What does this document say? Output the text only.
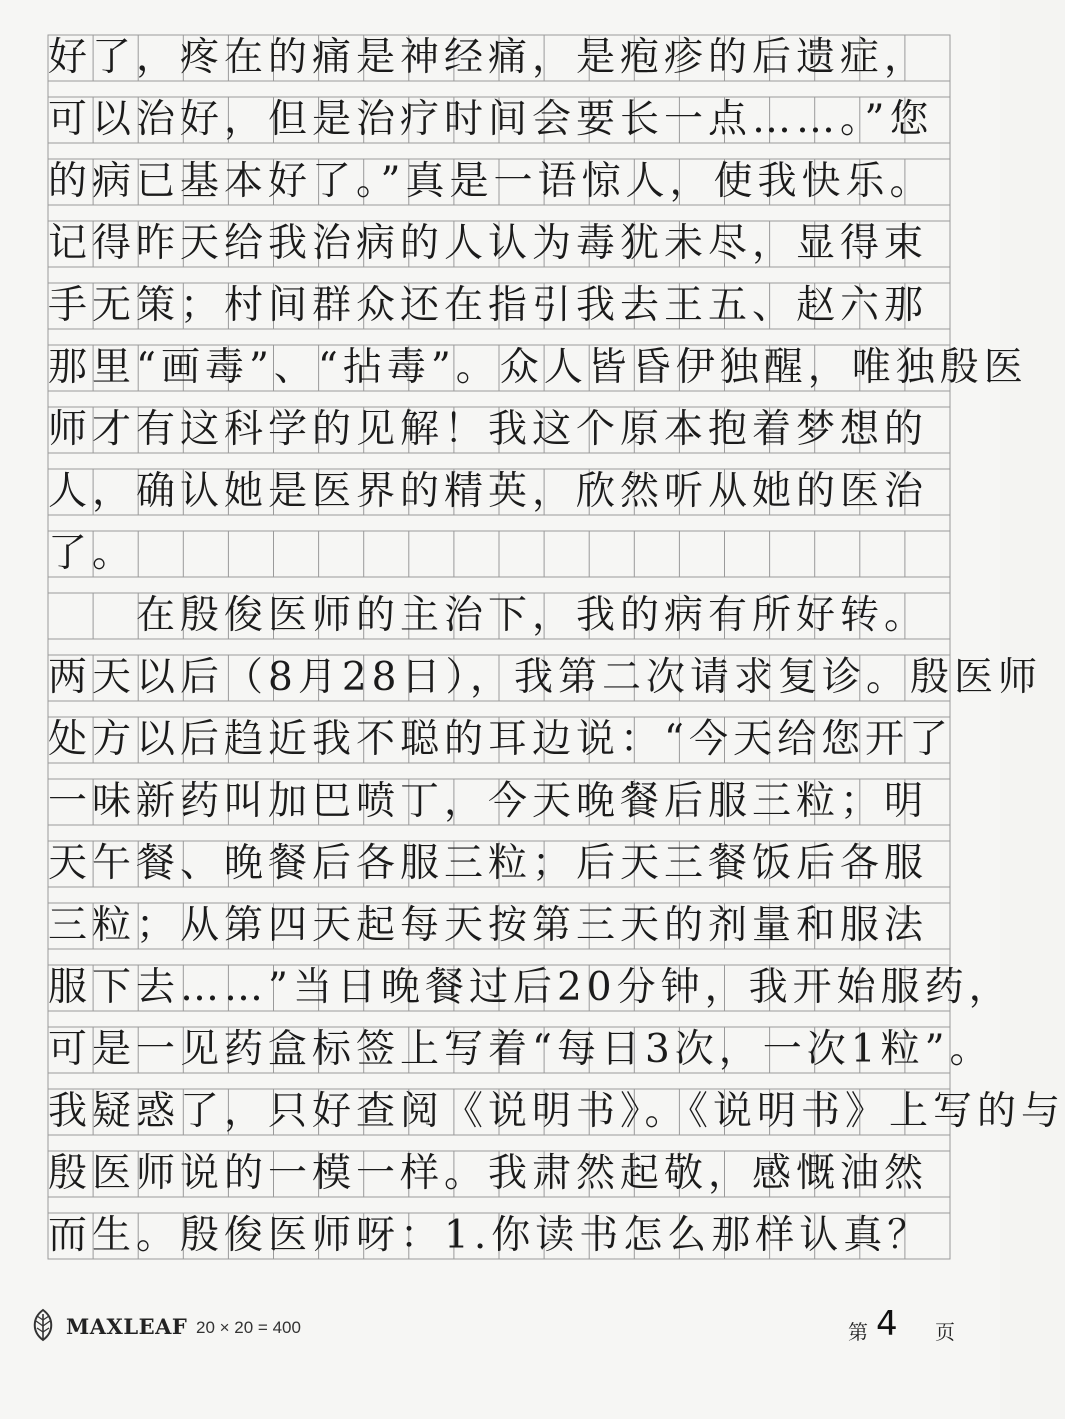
好了，疼在的痛是神经痛，是疱疹的后遗症，
可以治好，但是治疗时间会要长一点……。”您
的病已基本好了。”真是一语惊人，使我快乐。
记得昨天给我治病的人认为毒犹未尽，显得束
手无策；村间群众还在指引我去王五、赵六那
那里“画毒”、“拈毒”。众人皆昏伊独醒，唯独殷医
师才有这科学的见解！我这个原本抱着梦想的
人，确认她是医界的精英，欣然听从她的医治
了。
　　在殷俊医师的主治下，我的病有所好转。
两天以后（8月28日），我第二次请求复诊。殷医师
处方以后趋近我不聪的耳边说：“今天给您开了
一味新药叫加巴喷丁，今天晚餐后服三粒；明
天午餐、晚餐后各服三粒；后天三餐饭后各服
三粒；从第四天起每天按第三天的剂量和服法
服下去……”当日晚餐过后20分钟，我开始服药，
可是一见药盒标签上写着“每日3次，一次1粒”。
我疑惑了，只好查阅《说明书》。《说明书》上写的与
殷医师说的一模一样。我肃然起敬，感慨油然
而生。殷俊医师呀：1.你读书怎么那样认真？
MAXLEAF 20 × 20 = 400	第 4 页
